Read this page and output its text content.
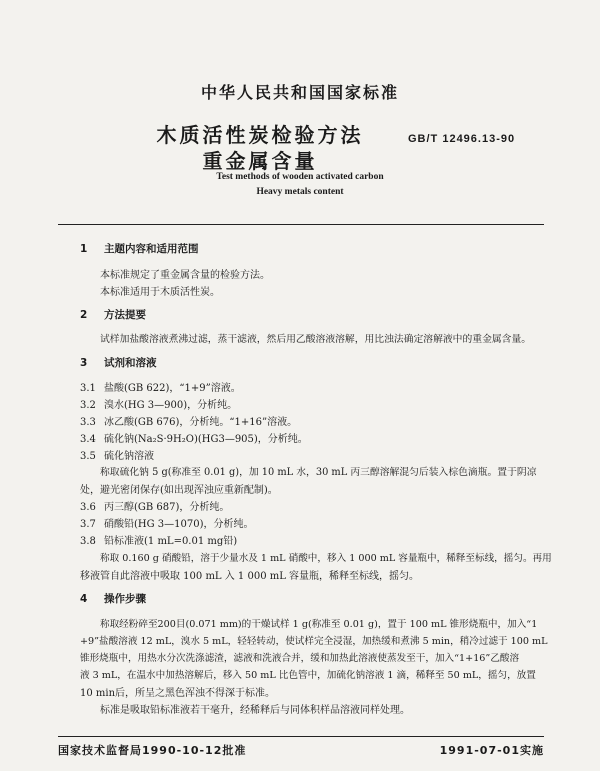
中华人民共和国国家标准
木质活性炭检验方法
重金属含量
GB/T 12496.13-90
Test methods of wooden activated carbon
Heavy metals content
1 主题内容和适用范围
本标准规定了重金属含量的检验方法。
本标准适用于木质活性炭。
2 方法提要
试样加盐酸溶液煮沸过滤，蒸干滤液，然后用乙酸溶液溶解，用比浊法确定溶解液中的重金属含量。
3 试剂和溶液
3.1 盐酸(GB 622)，“1+9”溶液。
3.2 溴水(HG 3—900)，分析纯。
3.3 冰乙酸(GB 676)，分析纯。“1+16”溶液。
3.4 硫化钠(Na₂S·9H₂O)(HG3—905)，分析纯。
3.5 硫化钠溶液
称取硫化钠 5 g(称准至 0.01 g)，加 10 mL 水，30 mL 丙三醇溶解混匀后装入棕色滴瓶。置于阴凉
处，避光密闭保存(如出现浑浊应重新配制)。
3.6 丙三醇(GB 687)，分析纯。
3.7 硝酸铅(HG 3—1070)，分析纯。
3.8 铅标准液(1 mL=0.01 mg铅)
称取 0.160 g 硝酸铅，溶于少量水及 1 mL 硝酸中，移入 1 000 mL 容量瓶中，稀释至标线，摇匀。再用
移液管自此溶液中吸取 100 mL 入 1 000 mL 容量瓶，稀释至标线，摇匀。
4 操作步骤
称取经粉碎至200目(0.071 mm)的干燥试样 1 g(称准至 0.01 g)，置于 100 mL 锥形烧瓶中，加入“1
+9”盐酸溶液 12 mL，溴水 5 mL，轻轻转动，使试样完全浸湿，加热缓和煮沸 5 min，稍冷过滤于 100 mL
锥形烧瓶中，用热水分次洗涤滤渣，滤液和洗液合并，缓和加热此溶液使蒸发至干，加入“1+16”乙酸溶
液 3 mL，在温水中加热溶解后，移入 50 mL 比色管中，加硫化钠溶液 1 滴，稀释至 50 mL，摇匀，放置
10 min后，所呈之黑色浑浊不得深于标准。
标准是吸取铅标准液若干毫升，经稀释后与同体积样品溶液同样处理。
国家技术监督局1990-10-12批准	1991-07-01实施
